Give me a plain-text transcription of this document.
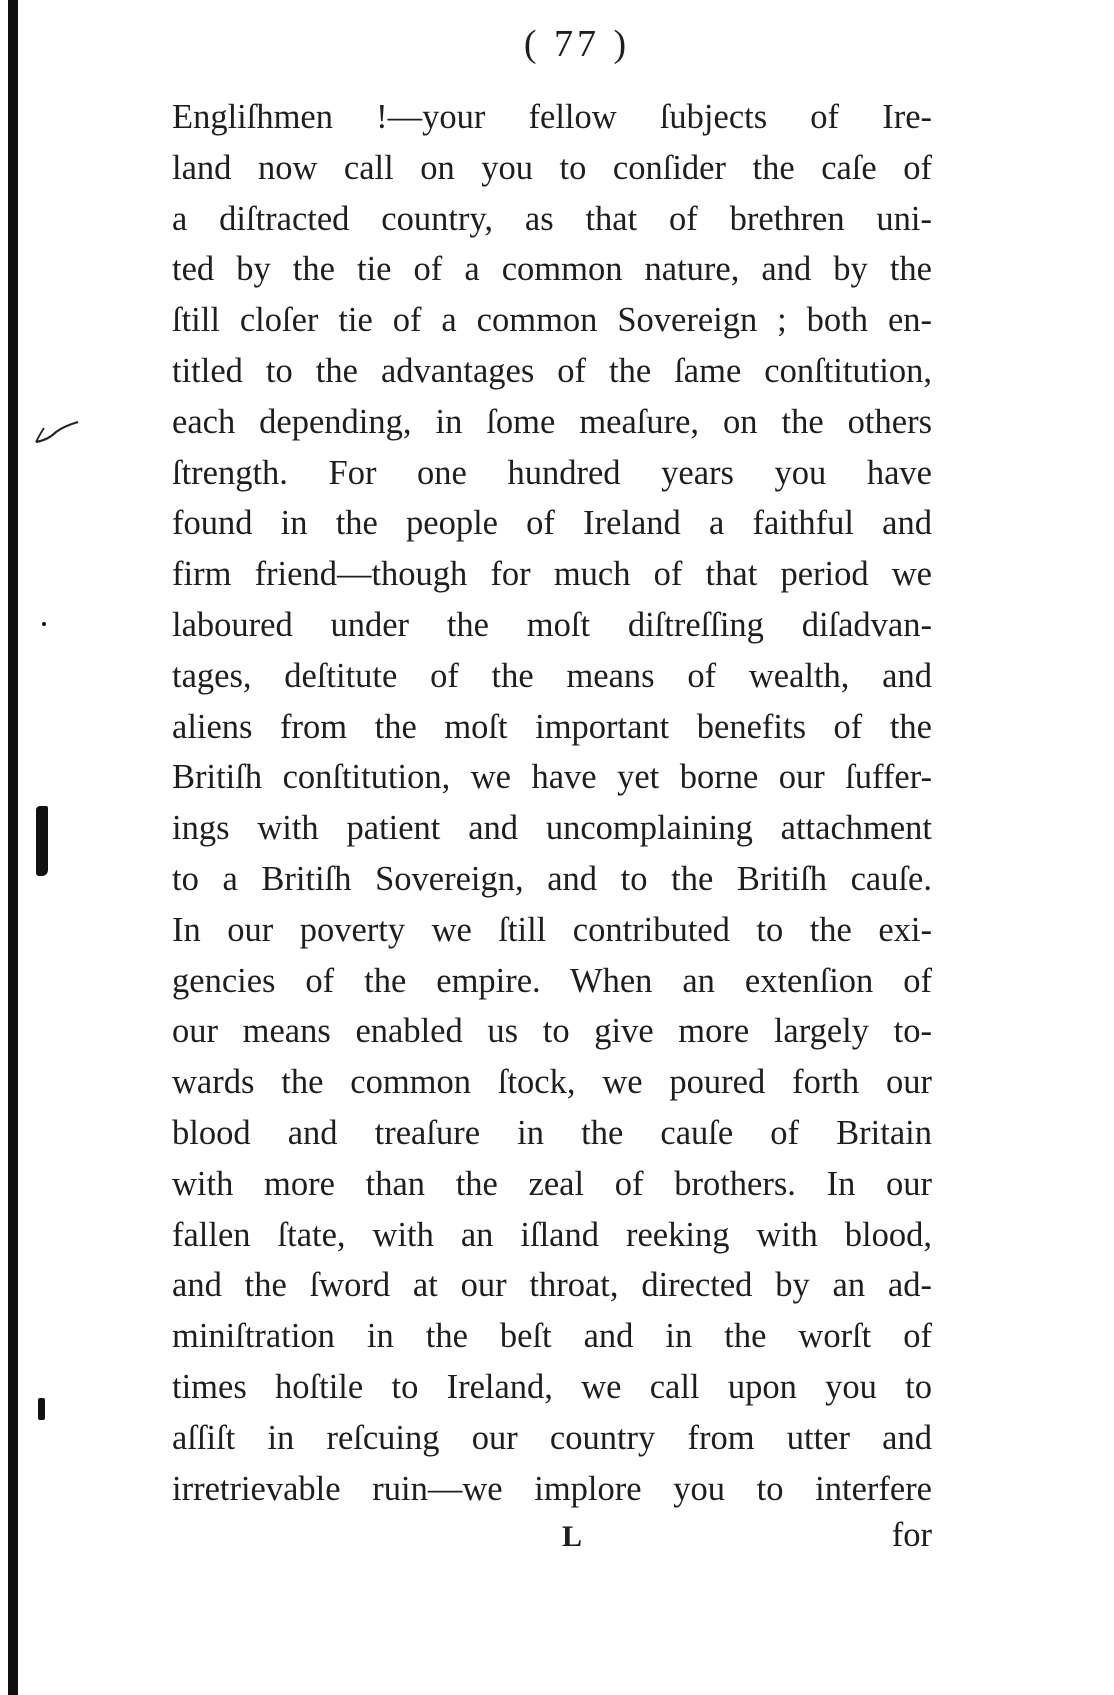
( 77 )
Engliſhmen !—your fellow ſubjects of Ire-
land now call on you to conſider the caſe of
a diſtracted country, as that of brethren uni-
ted by the tie of a common nature, and by the
ſtill cloſer tie of a common Sovereign ; both en-
titled to the advantages of the ſame conſtitution,
each depending, in ſome meaſure, on the others
ſtrength. For one hundred years you have
found in the people of Ireland a faithful and
firm friend—though for much of that period we
laboured under the moſt diſtreſſing diſadvan-
tages, deſtitute of the means of wealth, and
aliens from the moſt important benefits of the
Britiſh conſtitution, we have yet borne our ſuffer-
ings with patient and uncomplaining attachment
to a Britiſh Sovereign, and to the Britiſh cauſe.
In our poverty we ſtill contributed to the exi-
gencies of the empire. When an extenſion of
our means enabled us to give more largely to-
wards the common ſtock, we poured forth our
blood and treaſure in the cauſe of Britain
with more than the zeal of brothers. In our
fallen ſtate, with an iſland reeking with blood,
and the ſword at our throat, directed by an ad-
miniſtration in the beſt and in the worſt of
times hoſtile to Ireland, we call upon you to
aſſiſt in reſcuing our country from utter and
irretrievable ruin—we implore you to interfere
L	for
